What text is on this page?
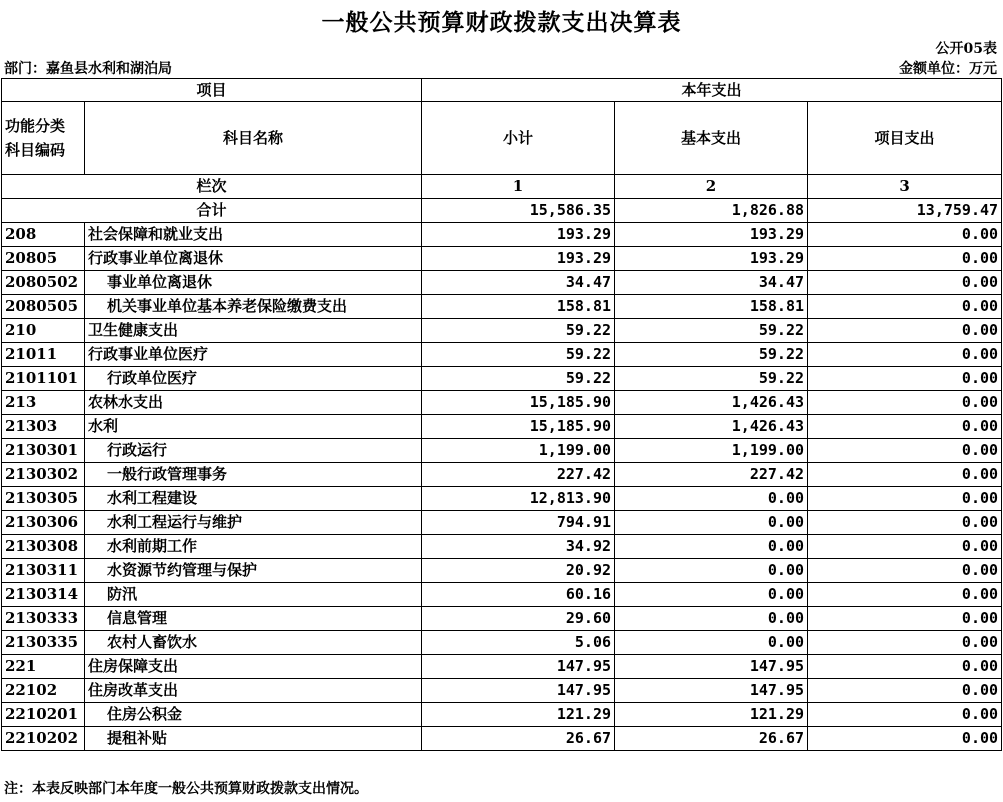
一般公共预算财政拨款支出决算表
公开05表
部门：嘉鱼县水利和湖泊局	金额单位：万元
项目		本年支出		
功能分类
科目编码	科目名称	小计	基本支出	项目支出
栏次		1	2	3
合计		15,586.35	1,826.88	13,759.47
208	社会保障和就业支出	193.29	193.29	0.00
20805	行政事业单位离退休	193.29	193.29	0.00
2080502	事业单位离退休	34.47	34.47	0.00
2080505	机关事业单位基本养老保险缴费支出	158.81	158.81	0.00
210	卫生健康支出	59.22	59.22	0.00
21011	行政事业单位医疗	59.22	59.22	0.00
2101101	行政单位医疗	59.22	59.22	0.00
213	农林水支出	15,185.90	1,426.43	0.00
21303	水利	15,185.90	1,426.43	0.00
2130301	行政运行	1,199.00	1,199.00	0.00
2130302	一般行政管理事务	227.42	227.42	0.00
2130305	水利工程建设	12,813.90	0.00	0.00
2130306	水利工程运行与维护	794.91	0.00	0.00
2130308	水利前期工作	34.92	0.00	0.00
2130311	水资源节约管理与保护	20.92	0.00	0.00
2130314	防汛	60.16	0.00	0.00
2130333	信息管理	29.60	0.00	0.00
2130335	农村人畜饮水	5.06	0.00	0.00
221	住房保障支出	147.95	147.95	0.00
22102	住房改革支出	147.95	147.95	0.00
2210201	住房公积金	121.29	121.29	0.00
2210202	提租补贴	26.67	26.67	0.00
注：本表反映部门本年度一般公共预算财政拨款支出情况。
